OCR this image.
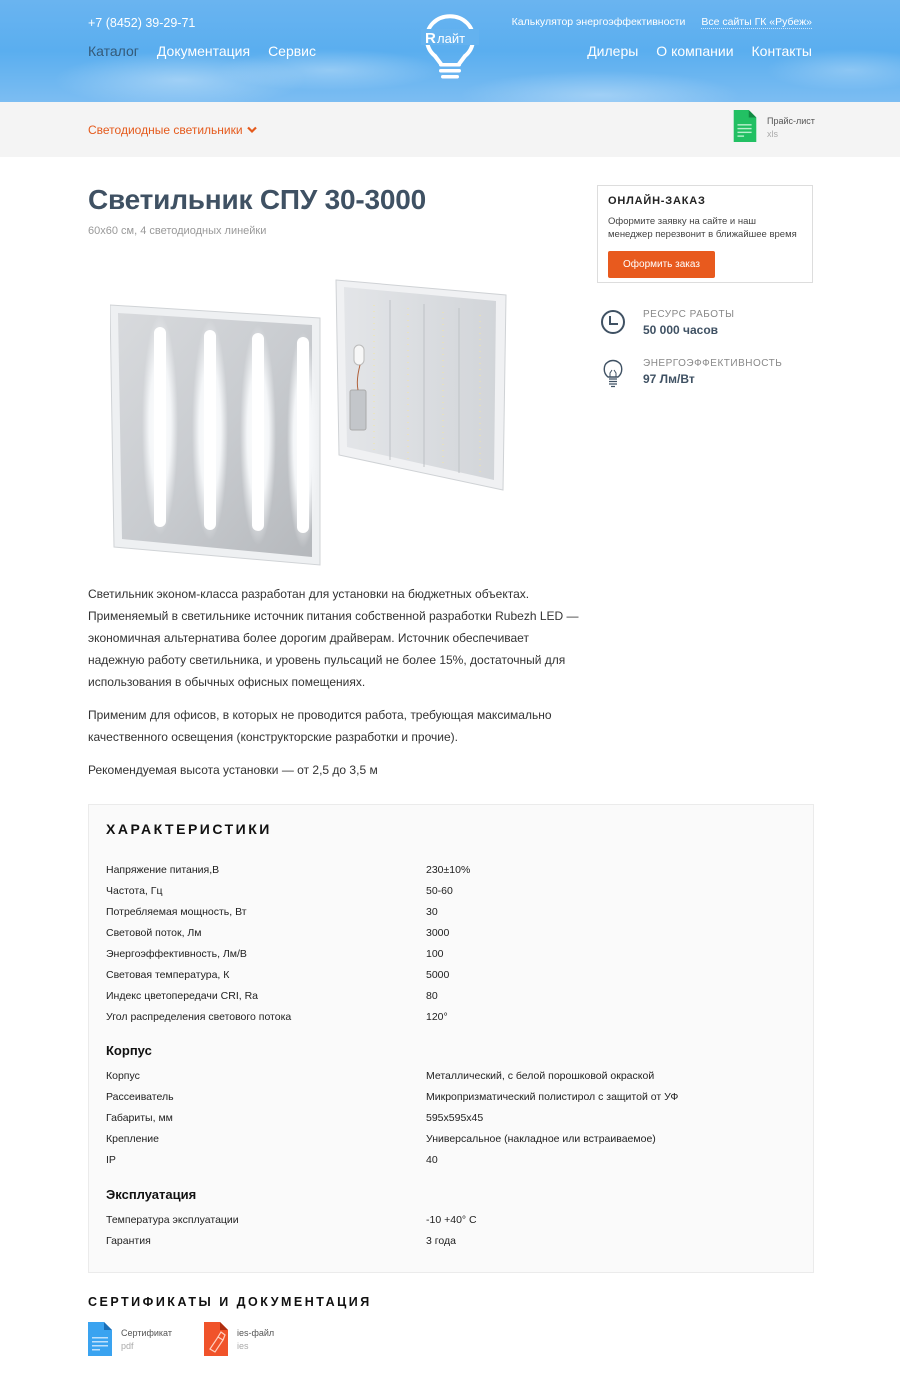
+7 (8452) 39-29-71
Каталог Документация Сервис
R лайт
Калькулятор энергоэффективности Все сайты ГК «Рубеж»
Дилеры О компании Контакты
Светодиодные светильники
Прайс-лист
xls
Светильник СПУ 30-3000
60x60 см, 4 светодиодных линейки

Светильник эконом-класса разработан для установки на бюджетных объектах. Применяемый в светильнике источник питания собственной разработки Rubezh LED — экономичная альтернатива более дорогим драйверам. Источник обеспечивает надежную работу светильника, и уровень пульсаций не более 15%, достаточный для использования в обычных офисных помещениях.

Применим для офисов, в которых не проводится работа, требующая максимально качественного освещения (конструкторские разработки и прочие).

Рекомендуемая высота установки — от 2,5 до 3,5 м

ОНЛАЙН-ЗАКАЗ
Оформите заявку на сайте и наш менеджер перезвонит в ближайшее время
Оформить заказ
РЕСУРС РАБОТЫ
50 000 часов
ЭНЕРГОЭФФЕКТИВНОСТЬ
97 Лм/Вт
ХАРАКТЕРИСТИКИ
Напряжение питания,В	230±10%
Частота, Гц	50-60
Потребляемая мощность, Вт	30
Световой поток, Лм	3000
Энергоэффективность, Лм/В	100
Световая температура, К	5000
Индекс цветопередачи CRI, Ra	80
Угол распределения светового потока	120°
Корпус
Корпус	Металлический, с белой порошковой окраской
Рассеиватель	Микропризматический полистирол с защитой от УФ
Габариты, мм	595x595x45
Крепление	Универсальное (накладное или встраиваемое)
IP	40
Эксплуатация
Температура эксплуатации	-10 +40° С
Гарантия	3 года
СЕРТИФИКАТЫ И ДОКУМЕНТАЦИЯ
Сертификат
pdf
ies-файл
ies
